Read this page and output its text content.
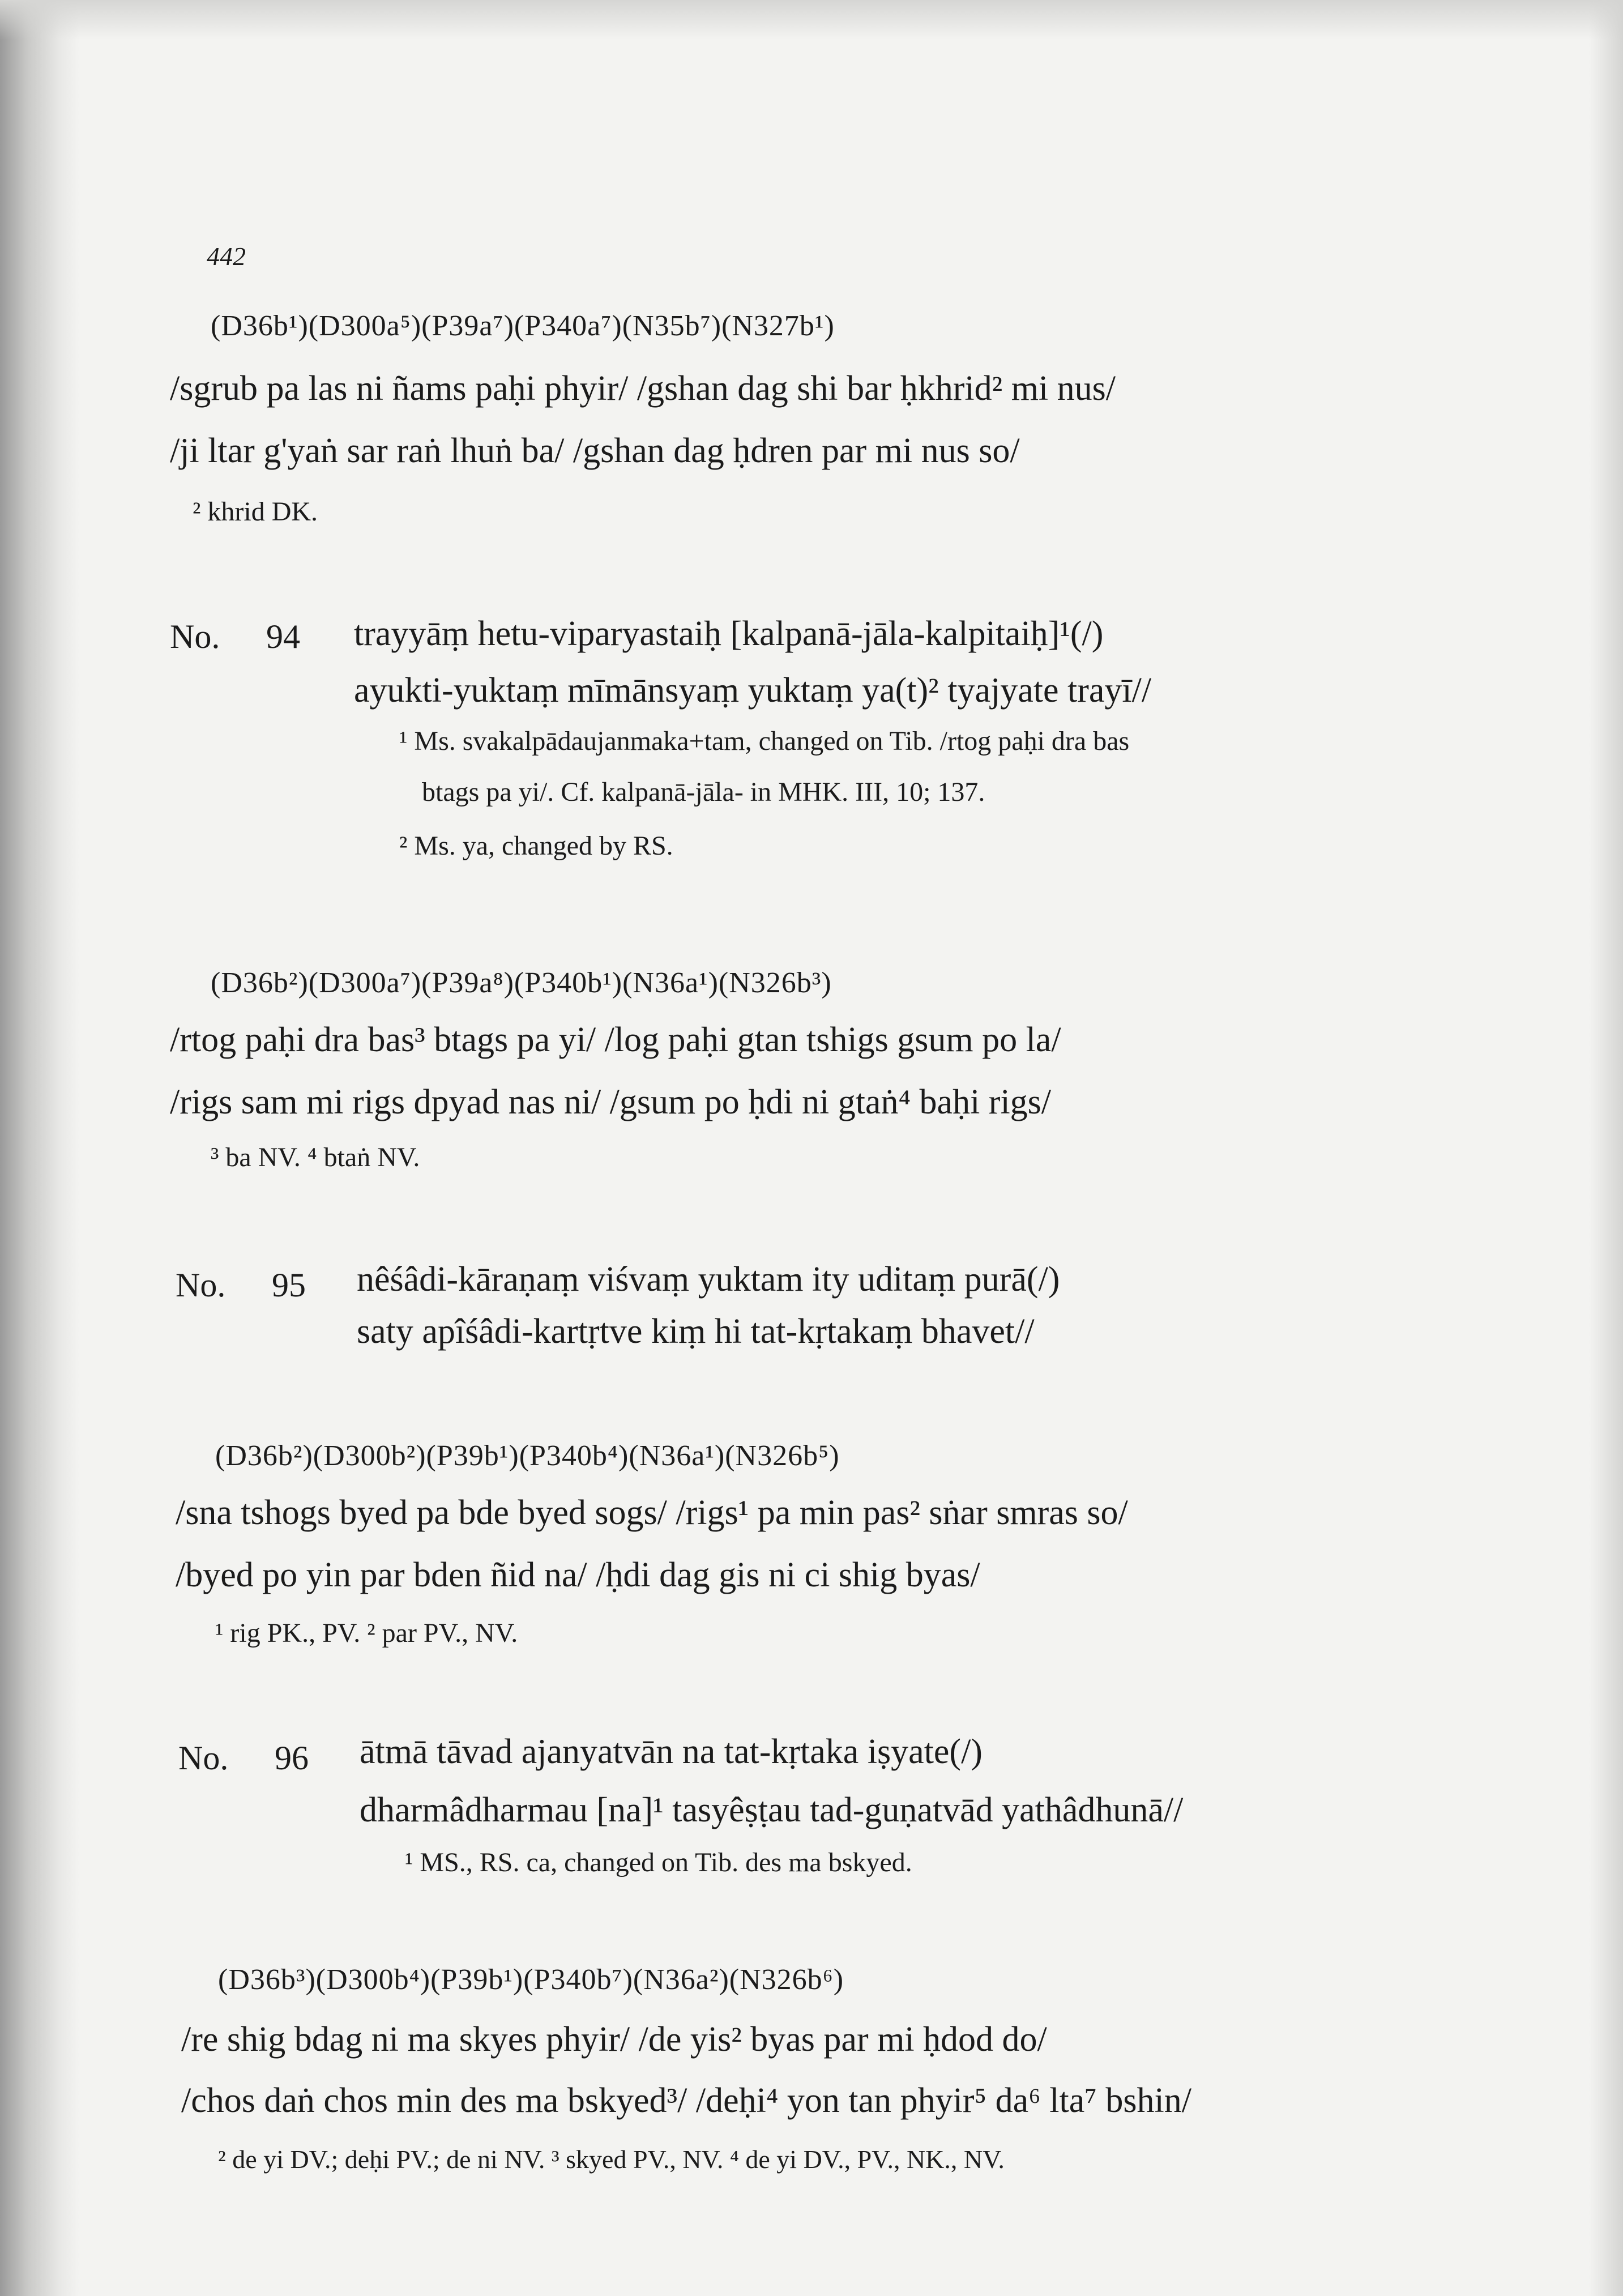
442
(D36b¹)(D300a⁵)(P39a⁷)(P340a⁷)(N35b⁷)(N327b¹)
/sgrub pa las ni ñams paḥi phyir/ /gshan dag shi bar ḥkhrid² mi nus/
/ji ltar g'yaṅ sar raṅ lhuṅ ba/ /gshan dag ḥdren par mi nus so/
² khrid DK.
No. 94 trayyāṃ hetu-viparyastaiḥ [kalpanā-jāla-kalpitaiḥ]¹(/)
ayukti-yuktaṃ mīmānsyaṃ yuktaṃ ya(t)² tyajyate trayī//
¹ Ms. svakalpādaujanmaka+tam, changed on Tib. /rtog paḥi dra bas
btags pa yi/. Cf. kalpanā-jāla- in MHK. III, 10; 137.
² Ms. ya, changed by RS.
(D36b²)(D300a⁷)(P39a⁸)(P340b¹)(N36a¹)(N326b³)
/rtog paḥi dra bas³ btags pa yi/ /log paḥi gtan tshigs gsum po la/
/rigs sam mi rigs dpyad nas ni/ /gsum po ḥdi ni gtaṅ⁴ baḥi rigs/
³ ba NV. ⁴ btaṅ NV.
No. 95 nêśâdi-kāraṇaṃ viśvaṃ yuktam ity uditaṃ purā(/)
saty apîśâdi-kartṛtve kiṃ hi tat-kṛtakaṃ bhavet//
(D36b²)(D300b²)(P39b¹)(P340b⁴)(N36a¹)(N326b⁵)
/sna tshogs byed pa bde byed sogs/ /rigs¹ pa min pas² sṅar smras so/
/byed po yin par bden ñid na/ /ḥdi dag gis ni ci shig byas/
¹ rig PK., PV. ² par PV., NV.
No. 96 ātmā tāvad ajanyatvān na tat-kṛtaka iṣyate(/)
dharmâdharmau [na]¹ tasyêṣṭau tad-guṇatvād yathâdhunā//
¹ MS., RS. ca, changed on Tib. des ma bskyed.
(D36b³)(D300b⁴)(P39b¹)(P340b⁷)(N36a²)(N326b⁶)
/re shig bdag ni ma skyes phyir/ /de yis² byas par mi ḥdod do/
/chos daṅ chos min des ma bskyed³/ /deḥi⁴ yon tan phyir⁵ da⁶ lta⁷ bshin/
² de yi DV.; deḥi PV.; de ni NV. ³ skyed PV., NV. ⁴ de yi DV., PV., NK., NV.
